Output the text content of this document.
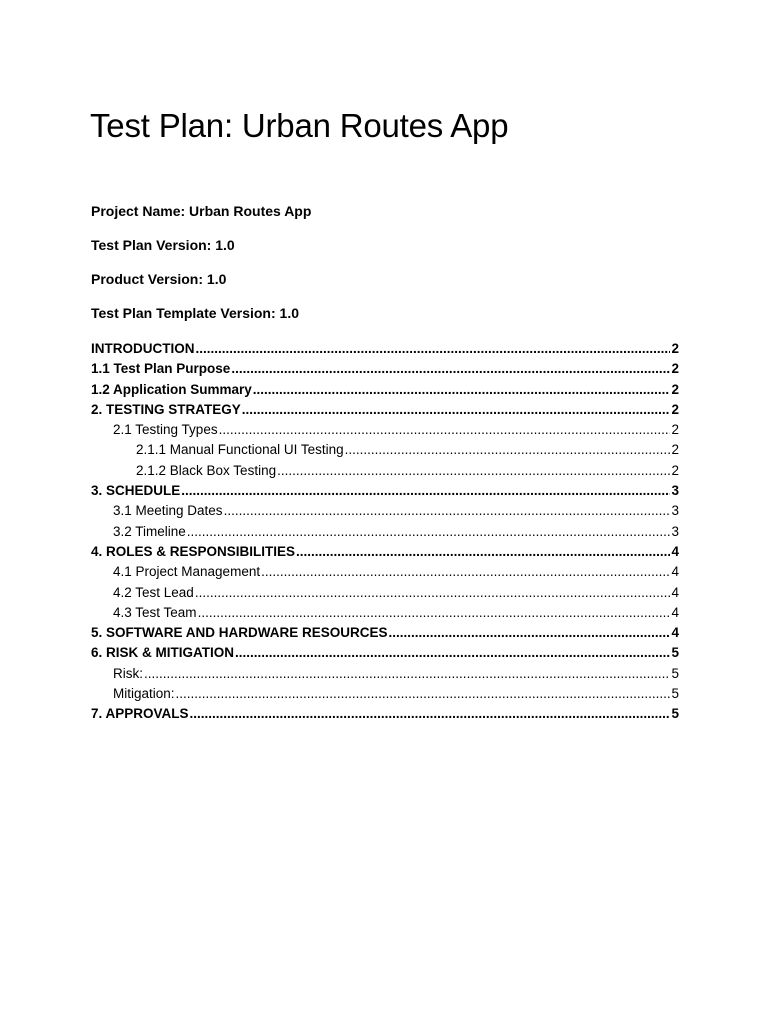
Test Plan: Urban Routes App
Project Name: Urban Routes App
Test Plan Version: 1.0
Product Version: 1.0
Test Plan Template Version: 1.0
INTRODUCTION .....	2
1.1 Test Plan Purpose .....	2
1.2 Application Summary .....	2
2. TESTING STRATEGY .....	2
2.1 Testing Types .....	2
2.1.1 Manual Functional UI Testing .....	2
2.1.2 Black Box Testing .....	2
3. SCHEDULE .....	3
3.1 Meeting Dates .....	3
3.2 Timeline .....	3
4. ROLES & RESPONSIBILITIES .....	4
4.1 Project Management .....	4
4.2 Test Lead .....	4
4.3 Test Team .....	4
5. SOFTWARE AND HARDWARE RESOURCES .....	4
6. RISK & MITIGATION .....	5
Risk: .....	5
Mitigation: .....	5
7. APPROVALS .....	5
